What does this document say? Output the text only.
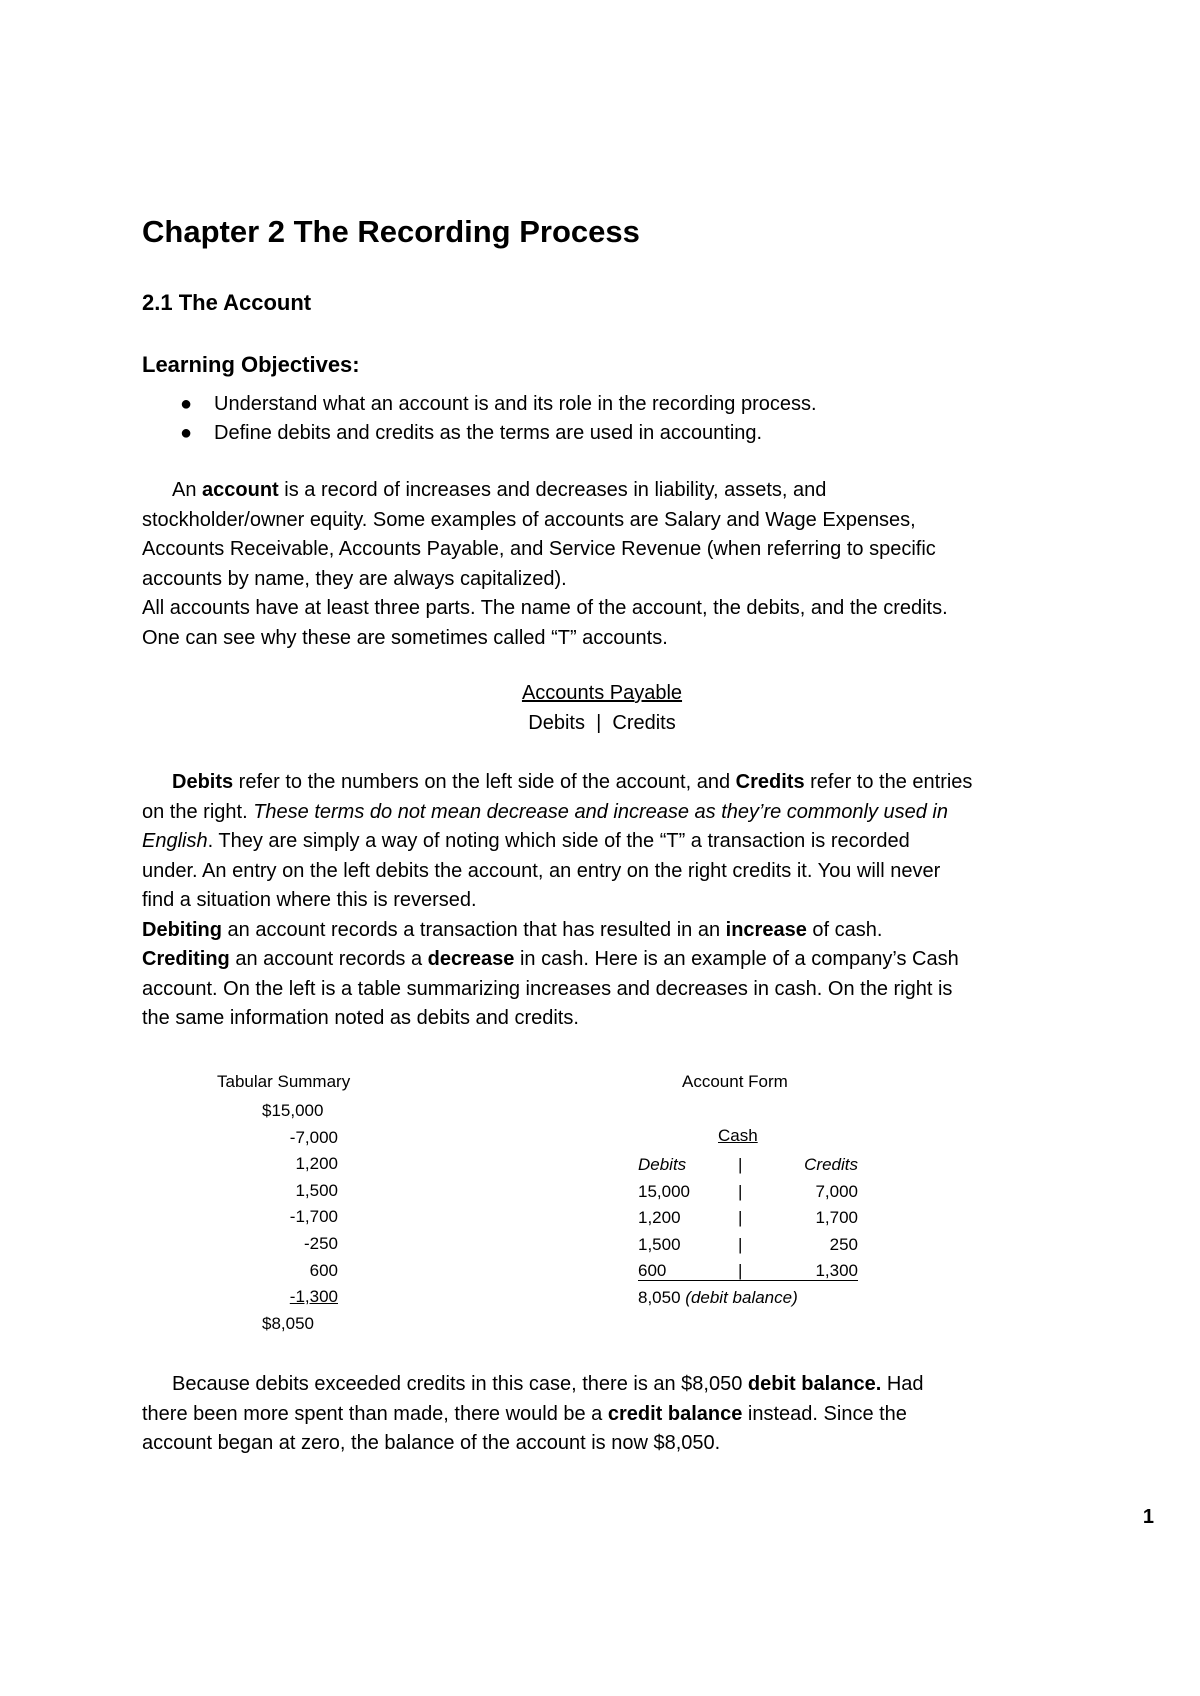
Chapter 2 The Recording Process
2.1 The Account
Learning Objectives:
● Understand what an account is and its role in the recording process.
● Define debits and credits as the terms are used in accounting.
An account is a record of increases and decreases in liability, assets, and
stockholder/owner equity. Some examples of accounts are Salary and Wage Expenses,
Accounts Receivable, Accounts Payable, and Service Revenue (when referring to specific
accounts by name, they are always capitalized).
All accounts have at least three parts. The name of the account, the debits, and the credits.
One can see why these are sometimes called “T” accounts.
Accounts Payable
Debits  |  Credits
Debits refer to the numbers on the left side of the account, and Credits refer to the entries
on the right. These terms do not mean decrease and increase as they’re commonly used in
English. They are simply a way of noting which side of the “T” a transaction is recorded
under. An entry on the left debits the account, an entry on the right credits it. You will never
find a situation where this is reversed.
Debiting an account records a transaction that has resulted in an increase of cash.
Crediting an account records a decrease in cash. Here is an example of a company’s Cash
account. On the left is a table summarizing increases and decreases in cash. On the right is
the same information noted as debits and credits.
Tabular Summary
$15,000
-7,000
1,200
1,500
-1,700
-250
600
-1,300
$8,050
Account Form
Cash
Debits	|	Credits
15,000	|	7,000
1,200	|	1,700
1,500	|	250
600	|	1,300
8,050 (debit balance)
Because debits exceeded credits in this case, there is an $8,050 debit balance. Had
there been more spent than made, there would be a credit balance instead. Since the
account began at zero, the balance of the account is now $8,050.
1
